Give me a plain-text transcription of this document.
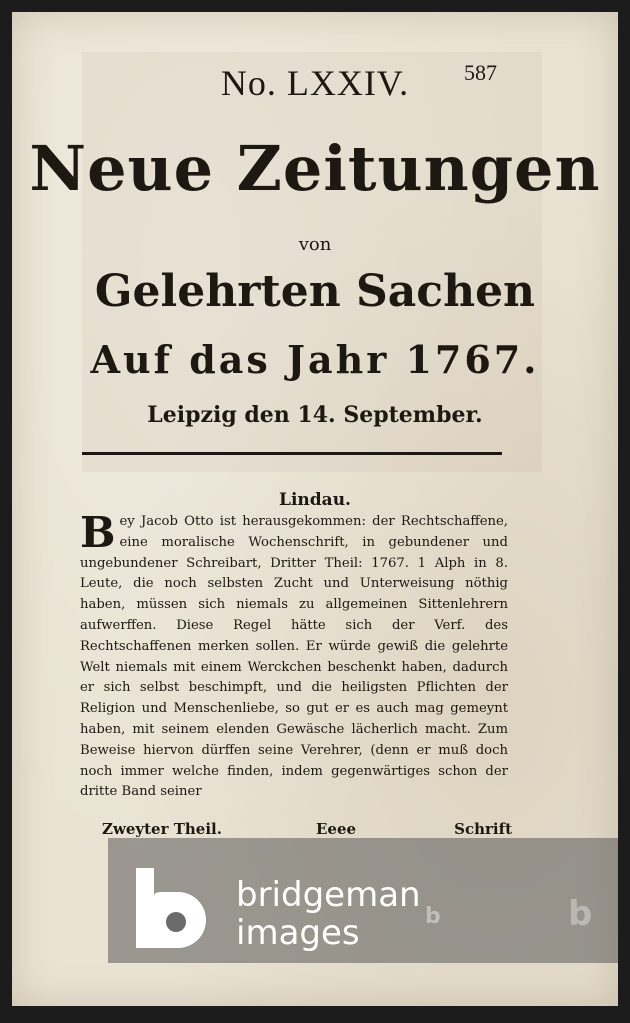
No. LXXIV.	587
Neue Zeitungen
von
Gelehrten Sachen
Auf das Jahr 1767.
Leipzig den 14. September.
Lindau.
B ey Jacob Otto ist herausgekommen: der Rechtschaffene, eine moralische Wochenschrift, in gebundener und ungebundener Schreibart, Dritter Theil: 1767. 1 Alph in 8. Leute, die noch selbsten Zucht und Unterweisung nöthig haben, müssen sich niemals zu allgemeinen Sittenlehrern aufwerffen. Diese Regel hätte sich der Verf. des Rechtschaffenen merken sollen. Er würde gewiß die gelehrte Welt niemals mit einem Werckchen beschenkt haben, dadurch er sich selbst beschimpft, und die heiligsten Pflichten der Religion und Menschenliebe, so gut er es auch mag gemeynt haben, mit seinem elenden Gewäsche lächerlich macht. Zum Beweise hiervon dürffen seine Verehrer, (denn er muß doch noch immer welche finden, indem gegenwärtiges schon der dritte Band seiner
Zweyter Theil.	Eeee	Schrift
bridgeman
images	b	b
